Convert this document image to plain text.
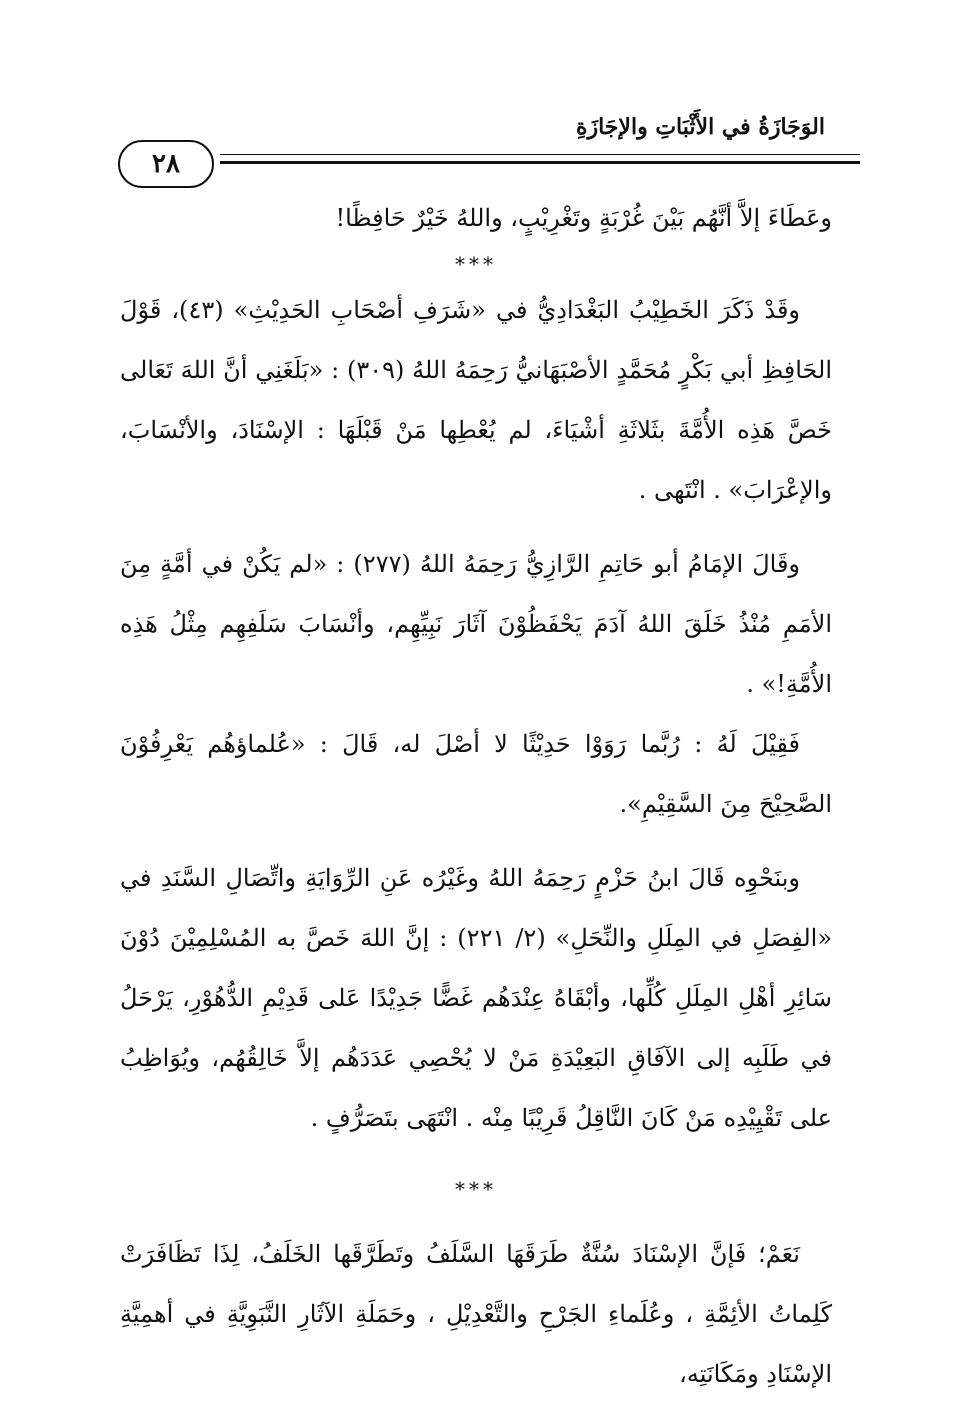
الوَجَازَةُ في الأَثْبَاتِ والإجَازَةِ
٢٨

وعَطَاءَ إلاَّ أنَّهُم بَيْنَ غُرْبَةٍ وتَغْرِيْبٍ، واللهُ خَيْرٌ حَافِظًا!

***

وقَدْ ذَكَرَ الخَطِيْبُ البَغْدَادِيُّ في «شَرَفِ أصْحَابِ الحَدِيْثِ» (٤٣)، قَوْلَ الحَافِظِ أبي بَكْرٍ مُحَمَّدٍ الأصْبَهَانيُّ رَحِمَهُ اللهُ (٣٠٩) : «بَلَغَنِي أنَّ اللهَ تَعَالى خَصَّ هَذِه الأُمَّةَ بثَلاثَةِ أشْيَاءَ، لم يُعْطِها مَنْ قَبْلَهَا : الإسْنَادَ، والأنْسَابَ، والإعْرَابَ» . انْتَهى .

وقَالَ الإمَامُ أبو حَاتِمِ الرَّازِيُّ رَحِمَهُ اللهُ (٢٧٧) : «لم يَكُنْ في أمَّةٍ مِنَ الأمَمِ مُنْذُ خَلَقَ اللهُ آدَمَ يَحْفَظُوْنَ آثَارَ نَبِيِّهِم، وأنْسَابَ سَلَفِهِم مِثْلُ هَذِه الأُمَّةِ!» .

فَقِيْلَ لَهُ : رُبَّما رَوَوْا حَدِيْثًا لا أصْلَ له، قَالَ : «عُلماؤهُم يَعْرِفُوْنَ الصَّحِيْحَ مِنَ السَّقِيْمِ».

وبنَحْوِه قَالَ ابنُ حَزْمٍ رَحِمَهُ اللهُ وغَيْرُه عَنِ الرِّوَايَةِ واتِّصَالِ السَّنَدِ في «الفِصَلِ في المِلَلِ والنِّحَلِ» (٢/ ٢٢١) : إنَّ اللهَ خَصَّ به المُسْلِمِيْنَ دُوْنَ سَائِرِ أهْلِ المِلَلِ كُلِّها، وأبْقَاهُ عِنْدَهُم غَضًّا جَدِيْدًا عَلى قَدِيْمِ الدُّهُوْرِ، يَرْحَلُ في طَلَبِه إلى الآفَاقِ البَعِيْدَةِ مَنْ لا يُحْصِي عَدَدَهُم إلاَّ خَالِقُهُم، ويُوَاظِبُ على تَقْيِيْدِه مَنْ كَانَ النَّاقِلُ قَرِيْبًا مِنْه . انْتَهَى بتَصَرُّفٍ .

***

نَعَمْ؛ فَإنَّ الإسْنَادَ سُنَّةٌ طَرَقَهَا السَّلَفُ وتَطَرَّقَها الخَلَفُ، لِذَا تَظَافَرَتْ كَلِماتُ الأئِمَّةِ ، وعُلَماءِ الجَرْحِ والتَّعْدِيْلِ ، وحَمَلَةِ الآثَارِ النَّبَوِيَّةِ في أهمِيَّةِ الإسْنَادِ ومَكَانَتِه،
